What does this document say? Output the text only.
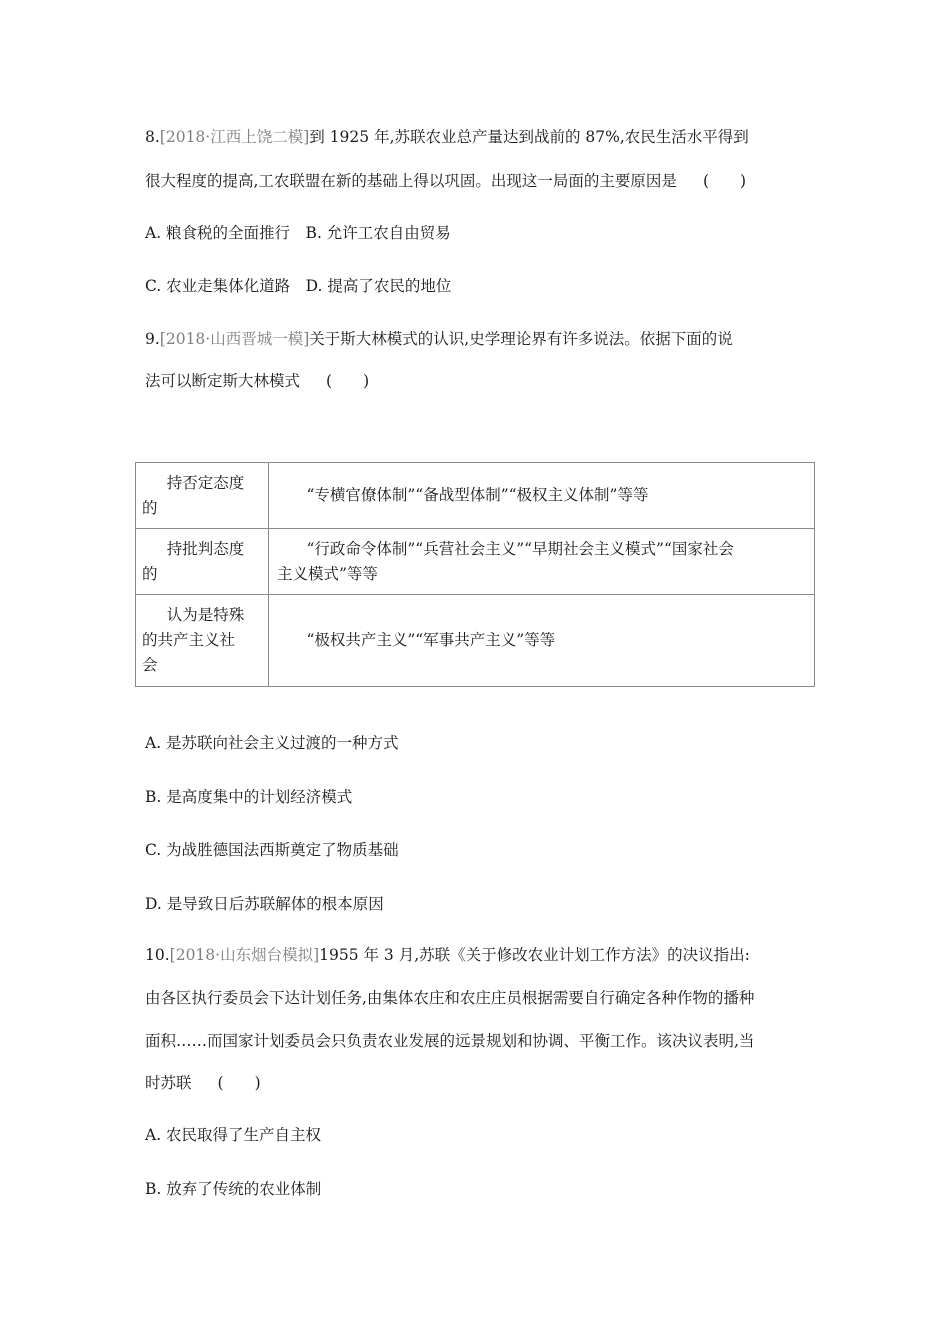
8.[2018·江西上饶二模]到 1925 年,苏联农业总产量达到战前的 87%,农民生活水平得到
很大程度的提高,工农联盟在新的基础上得以巩固。出现这一局面的主要原因是 (　　)
A. 粮食税的全面推行　B. 允许工农自由贸易
C. 农业走集体化道路　D. 提高了农民的地位
9.[2018·山西晋城一模]关于斯大林模式的认识,史学理论界有许多说法。依据下面的说
法可以断定斯大林模式 (　　)
持否定态度
的	“专横官僚体制”“备战型体制”“极权主义体制”等等
持批判态度
的	“行政命令体制”“兵营社会主义”“早期社会主义模式”“国家社会
主义模式”等等
认为是特殊
的共产主义社
会	“极权共产主义”“军事共产主义”等等
A. 是苏联向社会主义过渡的一种方式
B. 是高度集中的计划经济模式
C. 为战胜德国法西斯奠定了物质基础
D. 是导致日后苏联解体的根本原因
10.[2018·山东烟台模拟]1955 年 3 月,苏联《关于修改农业计划工作方法》的决议指出:
由各区执行委员会下达计划任务,由集体农庄和农庄庄员根据需要自行确定各种作物的播种
面积……而国家计划委员会只负责农业发展的远景规划和协调、平衡工作。该决议表明,当
时苏联 (　　)
A. 农民取得了生产自主权
B. 放弃了传统的农业体制
